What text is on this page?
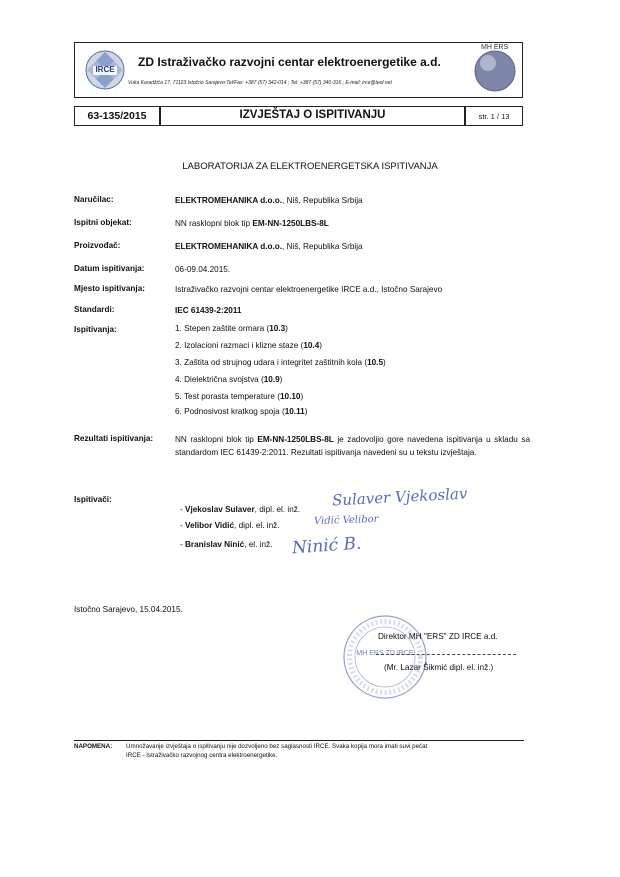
IRCE
ZD Istraživačko razvojni centar elektroenergetike a.d.
Vuka Karadžića 17, 71123 Istočno Sarajevo;Tel/Fax: +387 (57) 342-014 ; Tel: +387 (57) 340-316 ; E-mail: irce@teol.net
MH ERS
63-135/2015	IZVJEŠTAJ O ISPITIVANJU	str. 1 / 13
LABORATORIJA ZA ELEKTROENERGETSKA ISPITIVANJA
Naručilac:	ELEKTROMEHANIKA d.o.o., Niš, Republika Srbija
Ispitni objekat:	NN rasklopni blok tip EM-NN-1250LBS-8L
Proizvođač:	ELEKTROMEHANIKA d.o.o., Niš, Republika Srbija
Datum ispitivanja:	06-09.04.2015.
Mjesto ispitivanja:	Istraživačko razvojni centar elektroenergetike IRCE a.d., Istočno Sarajevo
Standardi:	IEC 61439-2:2011
Ispitivanja:	1. Stepen zaštite ormara (10.3)
2. Izolacioni razmaci i klizne staze (10.4)
3. Zaštita od strujnog udara i integritet zaštitnih kola (10.5)
4. Dielektrična svojstva (10.9)
5. Test porasta temperature (10.10)
6. Podnosivost kratkog spoja (10.11)
Rezultati ispitivanja:	NN rasklopni blok tip EM-NN-1250LBS-8L je zadovoljio gore navedena ispitivanja u skladu sa standardom IEC 61439-2:2011. Rezultati ispitivanja navedeni su u tekstu izvještaja.
Ispitivači:
- Vjekoslav Sulaver, dipl. el. inž.
- Velibor Vidić, dipl. el. inž.
- Branislav Ninić, el. inž.
Sulaver Vjekoslav
Vidić Velibor
Ninić B.
Istočno Sarajevo, 15.04.2015.
MH ERS ZD IRCE
Direktor MH "ERS" ZD IRCE a.d.
(Mr. Lazar Šikmić dipl. el. inž.)
NAPOMENA: Umnožavanje izvještaja o ispitivanju nije dozvoljeno bez saglasnosti IRCE. Svaka kopija mora imati suvi pečat
IRCE - Istraživačko razvojnog centra elektroenergetike.
